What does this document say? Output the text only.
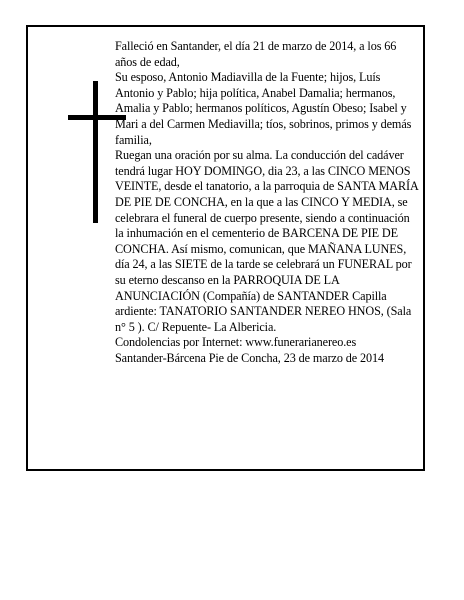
Falleció en Santander, el día 21 de marzo de 2014, a los 66 años de edad,

Su esposo, Antonio Madiavilla de la Fuente; hijos, Luís Antonio y Pablo; hija política, Anabel Damalia; hermanos, Amalia y Pablo; hermanos políticos, Agustín Obeso; Isabel y Mari a del Carmen Mediavilla; tíos, sobrinos, primos y demás familia,

Ruegan una oración por su alma. La conducción del cadáver tendrá lugar HOY DOMINGO, dia 23, a las CINCO MENOS VEINTE, desde el tanatorio, a la parroquia de SANTA MARÍA DE PIE DE CONCHA, en la que a las CINCO Y MEDIA, se celebrara el funeral de cuerpo presente, siendo a continuación la inhumación en el cementerio de BARCENA DE PIE DE CONCHA. Así mismo, comunican, que MAÑANA LUNES, día 24, a las SIETE de la tarde se celebrará un FUNERAL por su eterno descanso en la PARROQUIA DE LA ANUNCIACIÓN (Compañía) de SANTANDER Capilla ardiente: TANATORIO SANTANDER NEREO HNOS, (Sala n° 5 ). C/ Repuente- La Albericia.

Condolencias por Internet: www.funerarianereo.es

Santander-Bárcena Pie de Concha, 23 de marzo de 2014
